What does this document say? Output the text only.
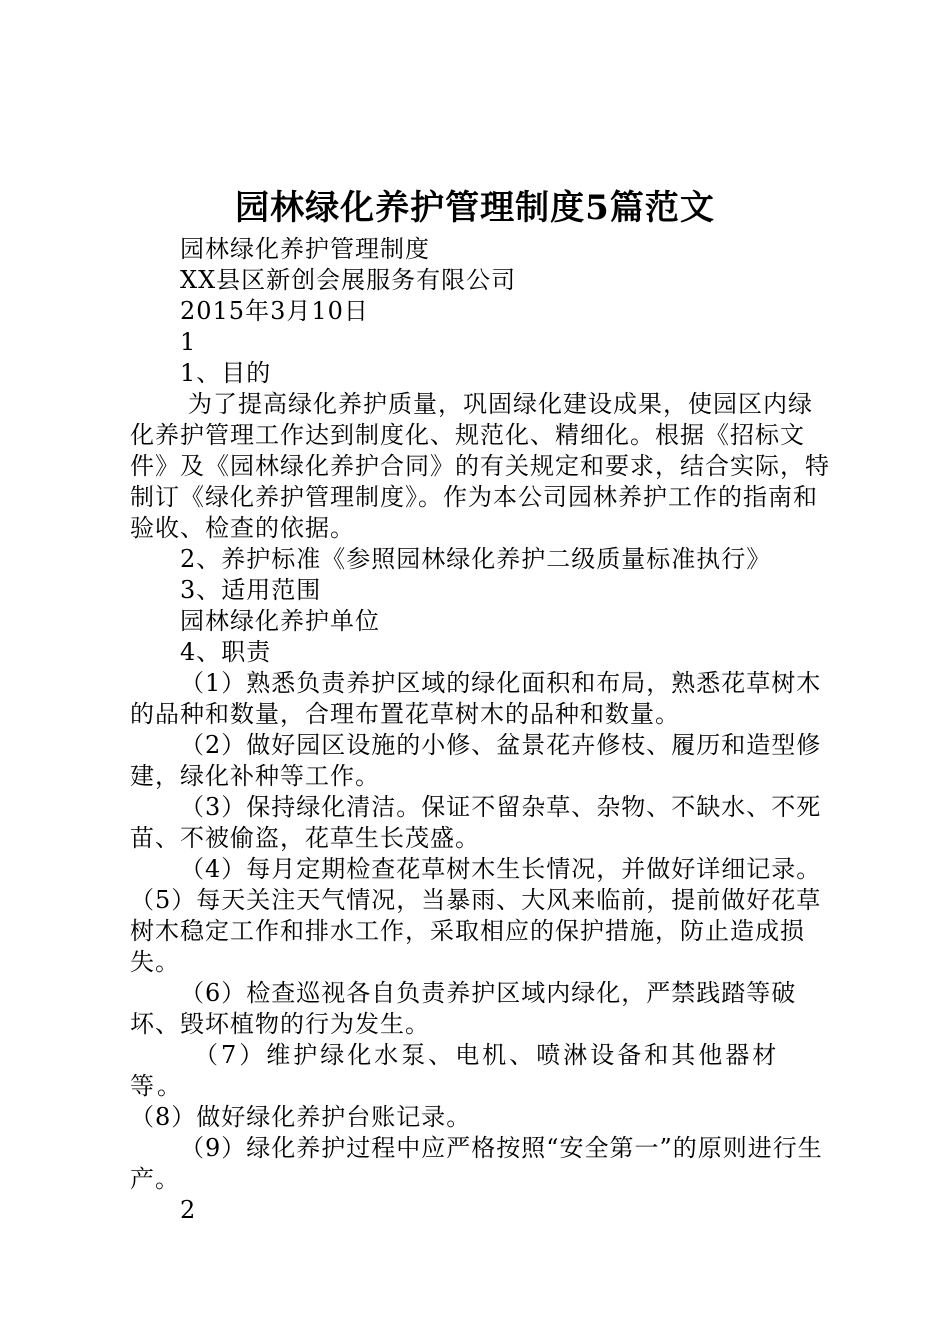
园林绿化养护管理制度5篇范文

园林绿化养护管理制度

XX县区新创会展服务有限公司

2015年3月10日

1

1、目的

为了提高绿化养护质量，巩固绿化建设成果，使园区内绿化养护管理工作达到制度化、规范化、精细化。根据《招标文件》及《园林绿化养护合同》的有关规定和要求，结合实际，特制订《绿化养护管理制度》。作为本公司园林养护工作的指南和验收、检查的依据。

2、养护标准《参照园林绿化养护二级质量标准执行》

3、适用范围

园林绿化养护单位

4、职责

（1）熟悉负责养护区域的绿化面积和布局，熟悉花草树木的品种和数量，合理布置花草树木的品种和数量。

（2）做好园区设施的小修、盆景花卉修枝、履历和造型修建，绿化补种等工作。

（3）保持绿化清洁。保证不留杂草、杂物、不缺水、不死苗、不被偷盗，花草生长茂盛。

（4）每月定期检查花草树木生长情况，并做好详细记录。

（5）每天关注天气情况，当暴雨、大风来临前，提前做好花草树木稳定工作和排水工作，采取相应的保护措施，防止造成损失。

（6）检查巡视各自负责养护区域内绿化，严禁践踏等破坏、毁坏植物的行为发生。

（7）维护绿化水泵、电机、喷淋设备和其他器材等。

（8）做好绿化养护台账记录。

（9）绿化养护过程中应严格按照“安全第一”的原则进行生产。

2
